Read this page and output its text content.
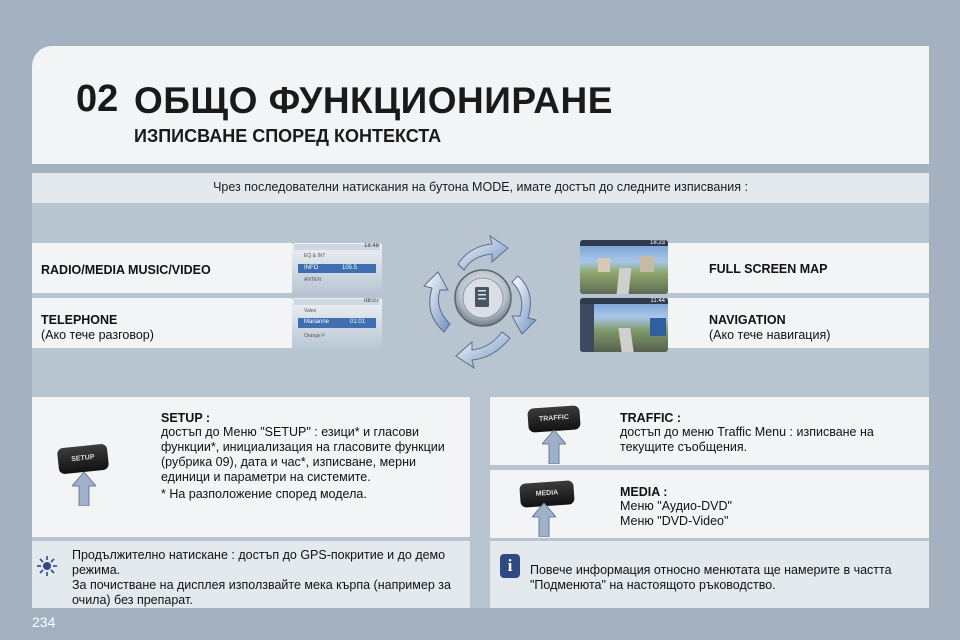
02 ОБЩО ФУНКЦИОНИРАНЕ
ИЗПИСВАНЕ СПОРЕД КОНТЕКСТА
Чрез последователни натискания на бутона MODE, имате достъп до следните изписвания :
RADIO/MEDIA MUSIC/VIDEO
TELEPHONE
(Ако тече разговор)
18:48
EQ & INT
INFO	105.5
ANTEN
08:07
Valeo
Marianne	01:01
Orange F
18:23
11:44
FULL SCREEN MAP
NAVIGATION
(Ако тече навигация)
SETUP
SETUP :
достъп до Меню "SETUP" : езици* и гласови
функции*, инициализация на гласовите функции
(рубрика 09), дата и час*, изписване, мерни
единици и параметри на системите.
* На разположение според модела.
TRAFFIC	TRAFFIC :
достъп до меню Traffic Menu : изписване на
текущите съобщения.
MEDIA	MEDIA :
Меню "Аудио-DVD"
Меню "DVD-Video"
Продължително натискане : достъп до GPS-покритие и до демо
режима.
За почистване на дисплея използвайте мека кърпа (например за
очила) без препарат.
i	Повече информация относно менютата ще намерите в частта
"Подменюта" на настоящото ръководство.
234
